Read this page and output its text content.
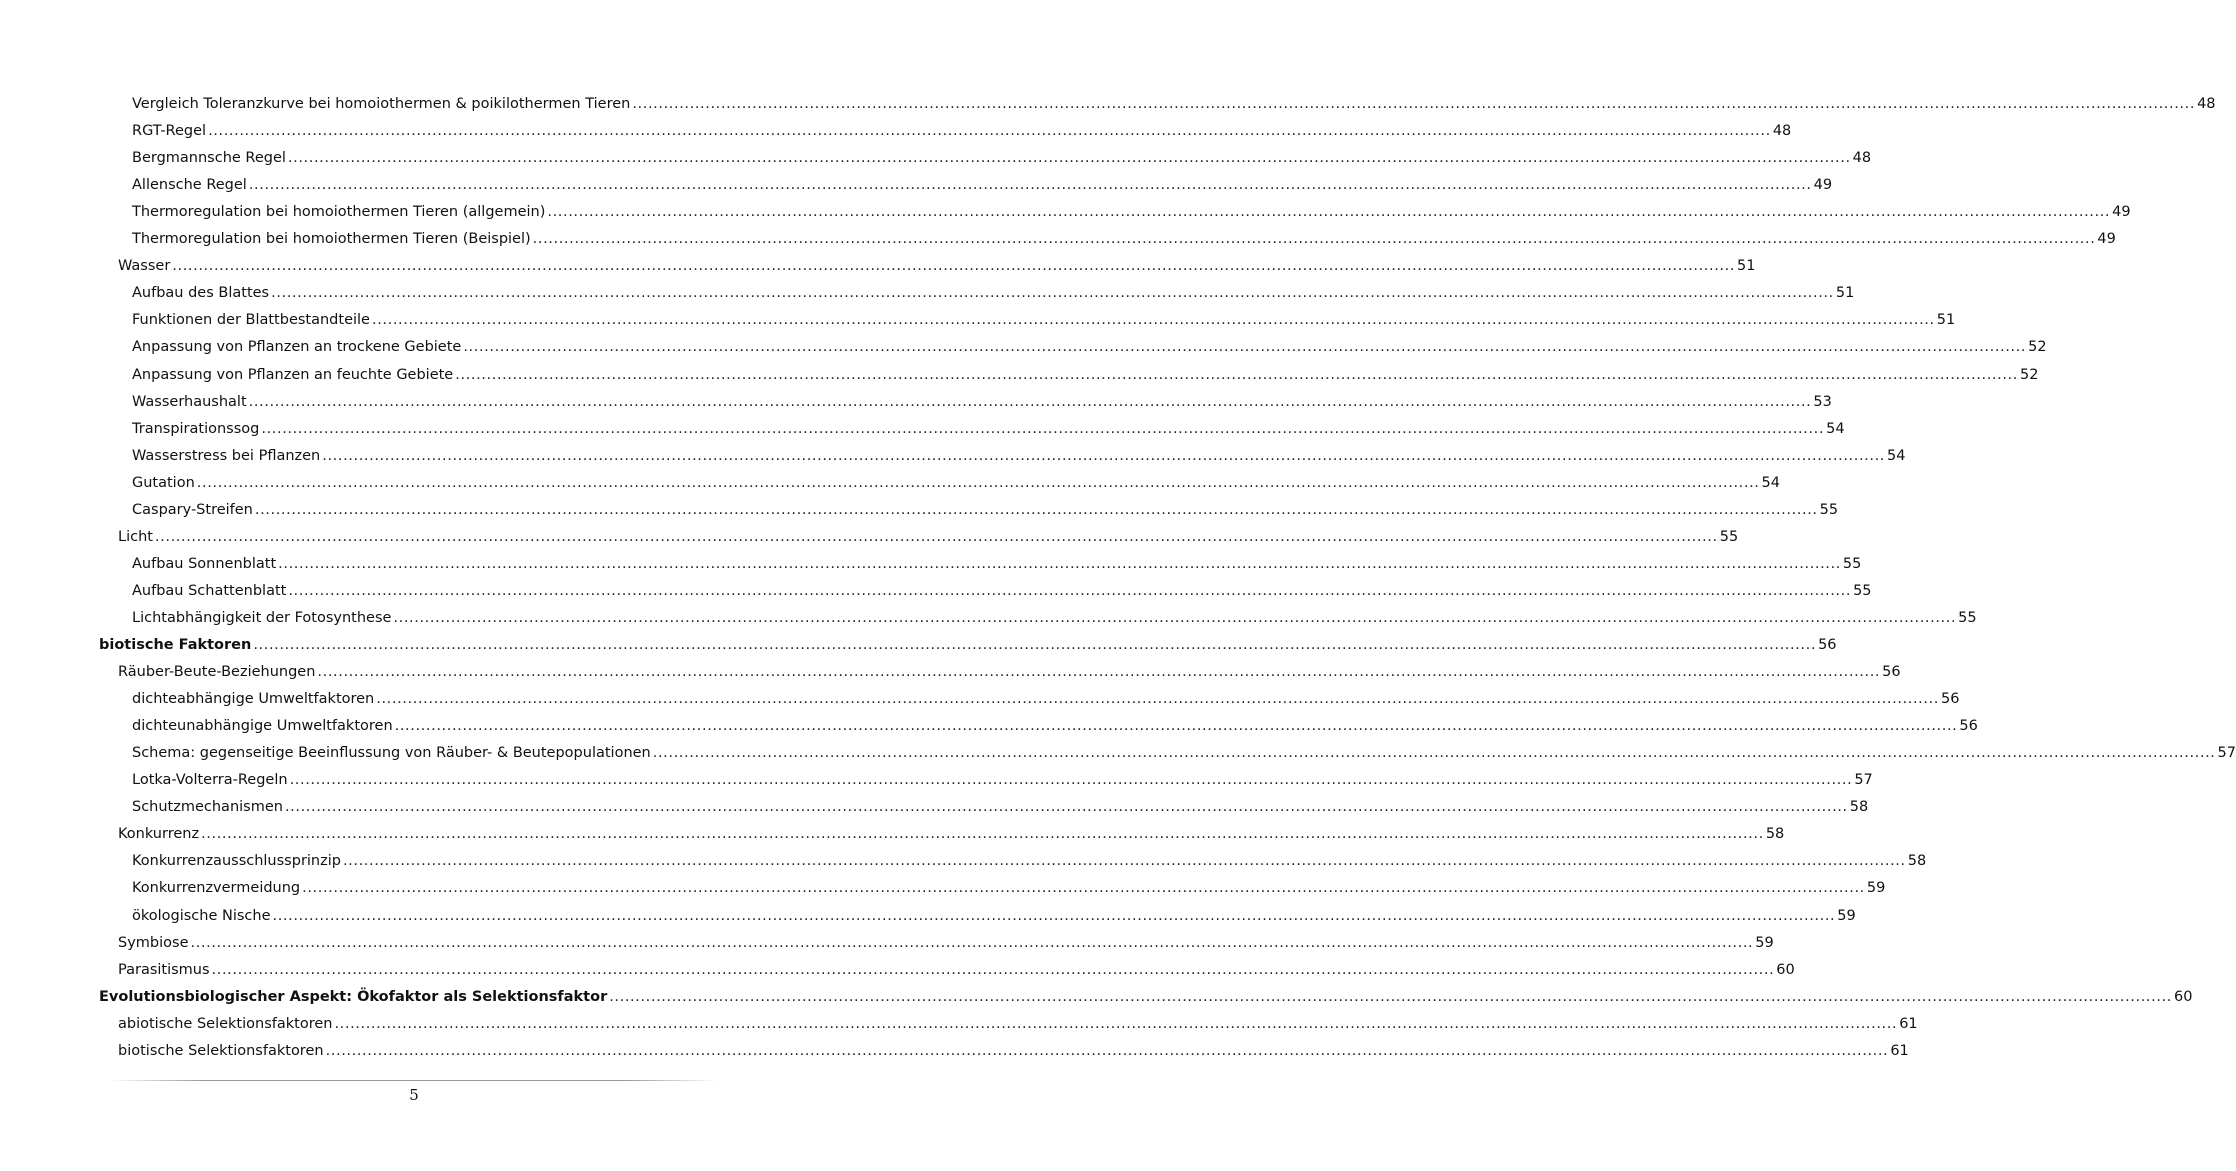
Vergleich Toleranzkurve bei homoiothermen & poikilothermen Tieren ............................................................................................................................................................................................................................................................................................................ 48
RGT-Regel ............................................................................................................................................................................................................................................................................................................ 48
Bergmannsche Regel ............................................................................................................................................................................................................................................................................................................ 48
Allensche Regel ............................................................................................................................................................................................................................................................................................................ 49
Thermoregulation bei homoiothermen Tieren (allgemein) ............................................................................................................................................................................................................................................................................................................ 49
Thermoregulation bei homoiothermen Tieren (Beispiel) ............................................................................................................................................................................................................................................................................................................ 49
Wasser ............................................................................................................................................................................................................................................................................................................ 51
Aufbau des Blattes ............................................................................................................................................................................................................................................................................................................ 51
Funktionen der Blattbestandteile ............................................................................................................................................................................................................................................................................................................ 51
Anpassung von Pflanzen an trockene Gebiete ............................................................................................................................................................................................................................................................................................................ 52
Anpassung von Pflanzen an feuchte Gebiete ............................................................................................................................................................................................................................................................................................................ 52
Wasserhaushalt ............................................................................................................................................................................................................................................................................................................ 53
Transpirationssog ............................................................................................................................................................................................................................................................................................................ 54
Wasserstress bei Pflanzen ............................................................................................................................................................................................................................................................................................................ 54
Gutation ............................................................................................................................................................................................................................................................................................................ 54
Caspary-Streifen ............................................................................................................................................................................................................................................................................................................ 55
Licht ............................................................................................................................................................................................................................................................................................................ 55
Aufbau Sonnenblatt ............................................................................................................................................................................................................................................................................................................ 55
Aufbau Schattenblatt ............................................................................................................................................................................................................................................................................................................ 55
Lichtabhängigkeit der Fotosynthese ............................................................................................................................................................................................................................................................................................................ 55
biotische Faktoren ............................................................................................................................................................................................................................................................................................................ 56
Räuber-Beute-Beziehungen ............................................................................................................................................................................................................................................................................................................ 56
dichteabhängige Umweltfaktoren ............................................................................................................................................................................................................................................................................................................ 56
dichteunabhängige Umweltfaktoren ............................................................................................................................................................................................................................................................................................................ 56
Schema: gegenseitige Beeinflussung von Räuber- & Beutepopulationen ............................................................................................................................................................................................................................................................................................................ 57
Lotka-Volterra-Regeln ............................................................................................................................................................................................................................................................................................................ 57
Schutzmechanismen ............................................................................................................................................................................................................................................................................................................ 58
Konkurrenz ............................................................................................................................................................................................................................................................................................................ 58
Konkurrenzausschlussprinzip ............................................................................................................................................................................................................................................................................................................ 58
Konkurrenzvermeidung ............................................................................................................................................................................................................................................................................................................ 59
ökologische Nische ............................................................................................................................................................................................................................................................................................................ 59
Symbiose ............................................................................................................................................................................................................................................................................................................ 59
Parasitismus ............................................................................................................................................................................................................................................................................................................ 60
Evolutionsbiologischer Aspekt: Ökofaktor als Selektionsfaktor ............................................................................................................................................................................................................................................................................................................ 60
abiotische Selektionsfaktoren ............................................................................................................................................................................................................................................................................................................ 61
biotische Selektionsfaktoren ............................................................................................................................................................................................................................................................................................................ 61
5
